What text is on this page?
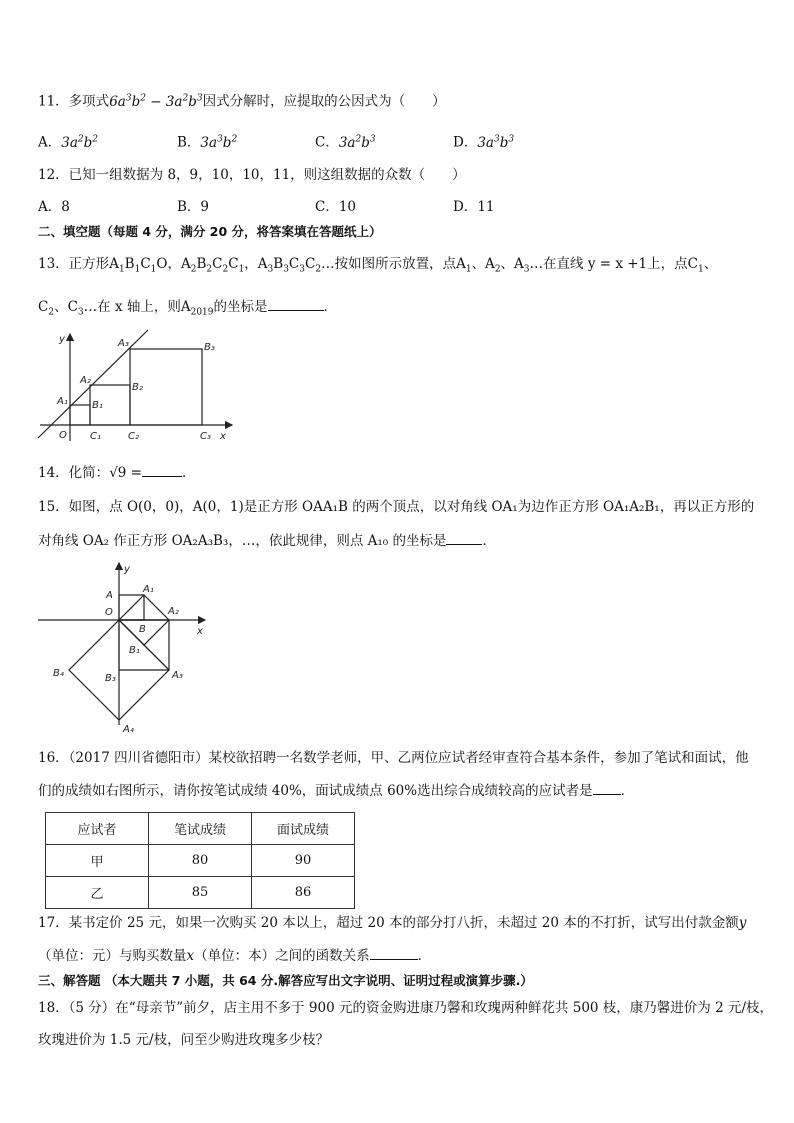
11．多项式$6a^3b^2 - 3a^2b^3$因式分解时，应提取的公因式为（　　）
A．$3a^2b^2$	B．$3a^3b^2$	C．$3a^2b^3$	D．$3a^3b^3$
12．已知一组数据为 8，9，10，10，11，则这组数据的众数（　　）
A．8	B．9	C．10	D．11
二、填空题（每题 4 分，满分 20 分，将答案填在答题纸上）
13．正方形$A_1B_1C_1O$，$A_2B_2C_2C_1$，$A_3B_3C_3C_2\dots$按如图所示放置，点$A_1$、$A_2$、$A_3\dots$在直线 y = x +1上，点$C_1$、
$C_2$、$C_3\dots$在 x 轴上，则$A_{2019}$的坐标是	．
y	A₃	B₃
A₂
B₂
A₁ B₁
O C₁	C₂	C₃ x
14．化简：√9 =	．
15．如图，点 O(0，0)，A(0，1)是正方形 OAA₁B 的两个顶点，以对角线 OA₁为边作正方形 OA₁A₂B₁，再以正方形的
对角线 OA₂ 作正方形 OA₂A₃B₃，…，依此规律，则点 A₁₀ 的坐标是	．
y
A₁
A
O	A₂
x
B
B₁
B₄	B₃	A₃
A₄
16．（2017 四川省德阳市）某校欲招聘一名数学老师，甲、乙两位应试者经审查符合基本条件，参加了笔试和面试，他
们的成绩如右图所示，请你按笔试成绩 40%，面试成绩点 60%选出综合成绩较高的应试者是 ．
应试者	笔试成绩	面试成绩
甲	80	90
乙	85	86
17．某书定价 25 元，如果一次购买 20 本以上，超过 20 本的部分打八折，未超过 20 本的不打折，试写出付款金额y
（单位：元）与购买数量x（单位：本）之间的函数关系	．
三、解答题 （本大题共 7 小题，共 64 分.解答应写出文字说明、证明过程或演算步骤.）
18．（5 分）在“母亲节”前夕，店主用不多于 900 元的资金购进康乃馨和玫瑰两种鲜花共 500 枝，康乃馨进价为 2 元/枝，
玫瑰进价为 1.5 元/枝，问至少购进玫瑰多少枝？
